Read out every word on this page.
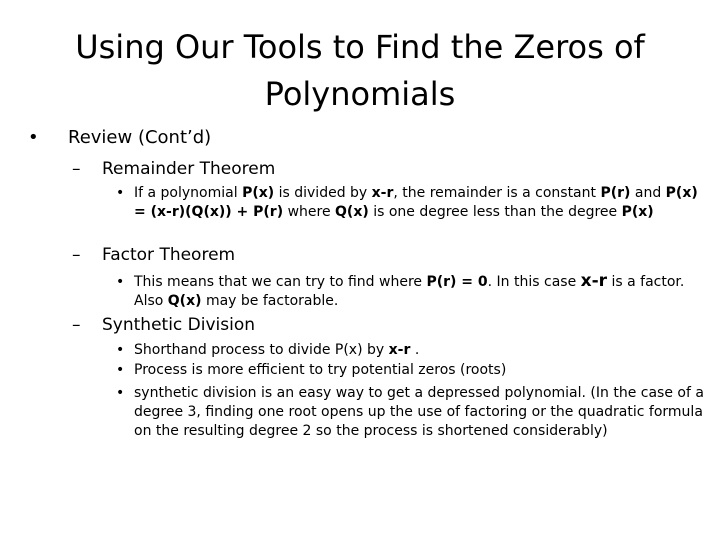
Using Our Tools to Find the Zeros of
Polynomials
• Review (Cont’d)
– Remainder Theorem
• If a polynomial P(x) is divided by x-r, the remainder is a constant P(r) and P(x) = (x-r)(Q(x)) + P(r) where Q(x) is one degree less than the degree P(x)
– Factor Theorem
• This means that we can try to find where P(r) = 0. In this case x-r is a factor. Also Q(x) may be factorable.
– Synthetic Division
• Shorthand process to divide P(x) by x-r .
• Process is more efficient to try potential zeros (roots)
• synthetic division is an easy way to get a depressed polynomial. (In the case of a degree 3, finding one root opens up the use of factoring or the quadratic formula on the resulting degree 2 so the process is shortened considerably)
